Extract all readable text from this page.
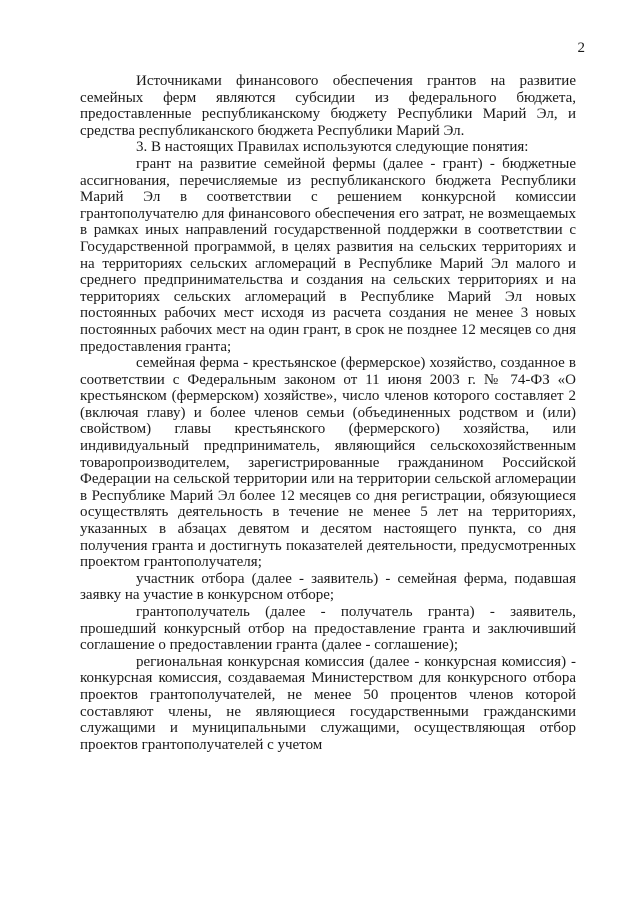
2

Источниками финансового обеспечения грантов на развитие семейных ферм являются субсидии из федерального бюджета, предоставленные республиканскому бюджету Республики Марий Эл, и средства республиканского бюджета Республики Марий Эл.

3. В настоящих Правилах используются следующие понятия:

грант на развитие семейной фермы (далее - грант) - бюджетные ассигнования, перечисляемые из республиканского бюджета Республики Марий Эл в соответствии с решением конкурсной комиссии грантополучателю для финансового обеспечения его затрат, не возмещаемых в рамках иных направлений государственной поддержки в соответствии с Государственной программой, в целях развития на сельских территориях и на территориях сельских агломераций в Республике Марий Эл малого и среднего предпринимательства и создания на сельских территориях и на территориях сельских агломераций в Республике Марий Эл новых постоянных рабочих мест исходя из расчета создания не менее 3 новых постоянных рабочих мест на один грант, в срок не позднее 12 месяцев со дня предоставления гранта;

семейная ферма - крестьянское (фермерское) хозяйство, созданное в соответствии с Федеральным законом от 11 июня 2003 г. № 74-ФЗ «О крестьянском (фермерском) хозяйстве», число членов которого составляет 2 (включая главу) и более членов семьи (объединенных родством и (или) свойством) главы крестьянского (фермерского) хозяйства, или индивидуальный предприниматель, являющийся сельскохозяйственным товаропроизводителем, зарегистрированные гражданином Российской Федерации на сельской территории или на территории сельской агломерации в Республике Марий Эл более 12 месяцев со дня регистрации, обязующиеся осуществлять деятельность в течение не менее 5 лет на территориях, указанных в абзацах девятом и десятом настоящего пункта, со дня получения гранта и достигнуть показателей деятельности, предусмотренных проектом грантополучателя;

участник отбора (далее - заявитель) - семейная ферма, подавшая заявку на участие в конкурсном отборе;

грантополучатель (далее - получатель гранта) - заявитель, прошедший конкурсный отбор на предоставление гранта и заключивший соглашение о предоставлении гранта (далее - соглашение);

региональная конкурсная комиссия (далее - конкурсная комиссия) - конкурсная комиссия, создаваемая Министерством для конкурсного отбора проектов грантополучателей, не менее 50 процентов членов которой составляют члены, не являющиеся государственными гражданскими служащими и муниципальными служащими, осуществляющая отбор проектов грантополучателей с учетом
